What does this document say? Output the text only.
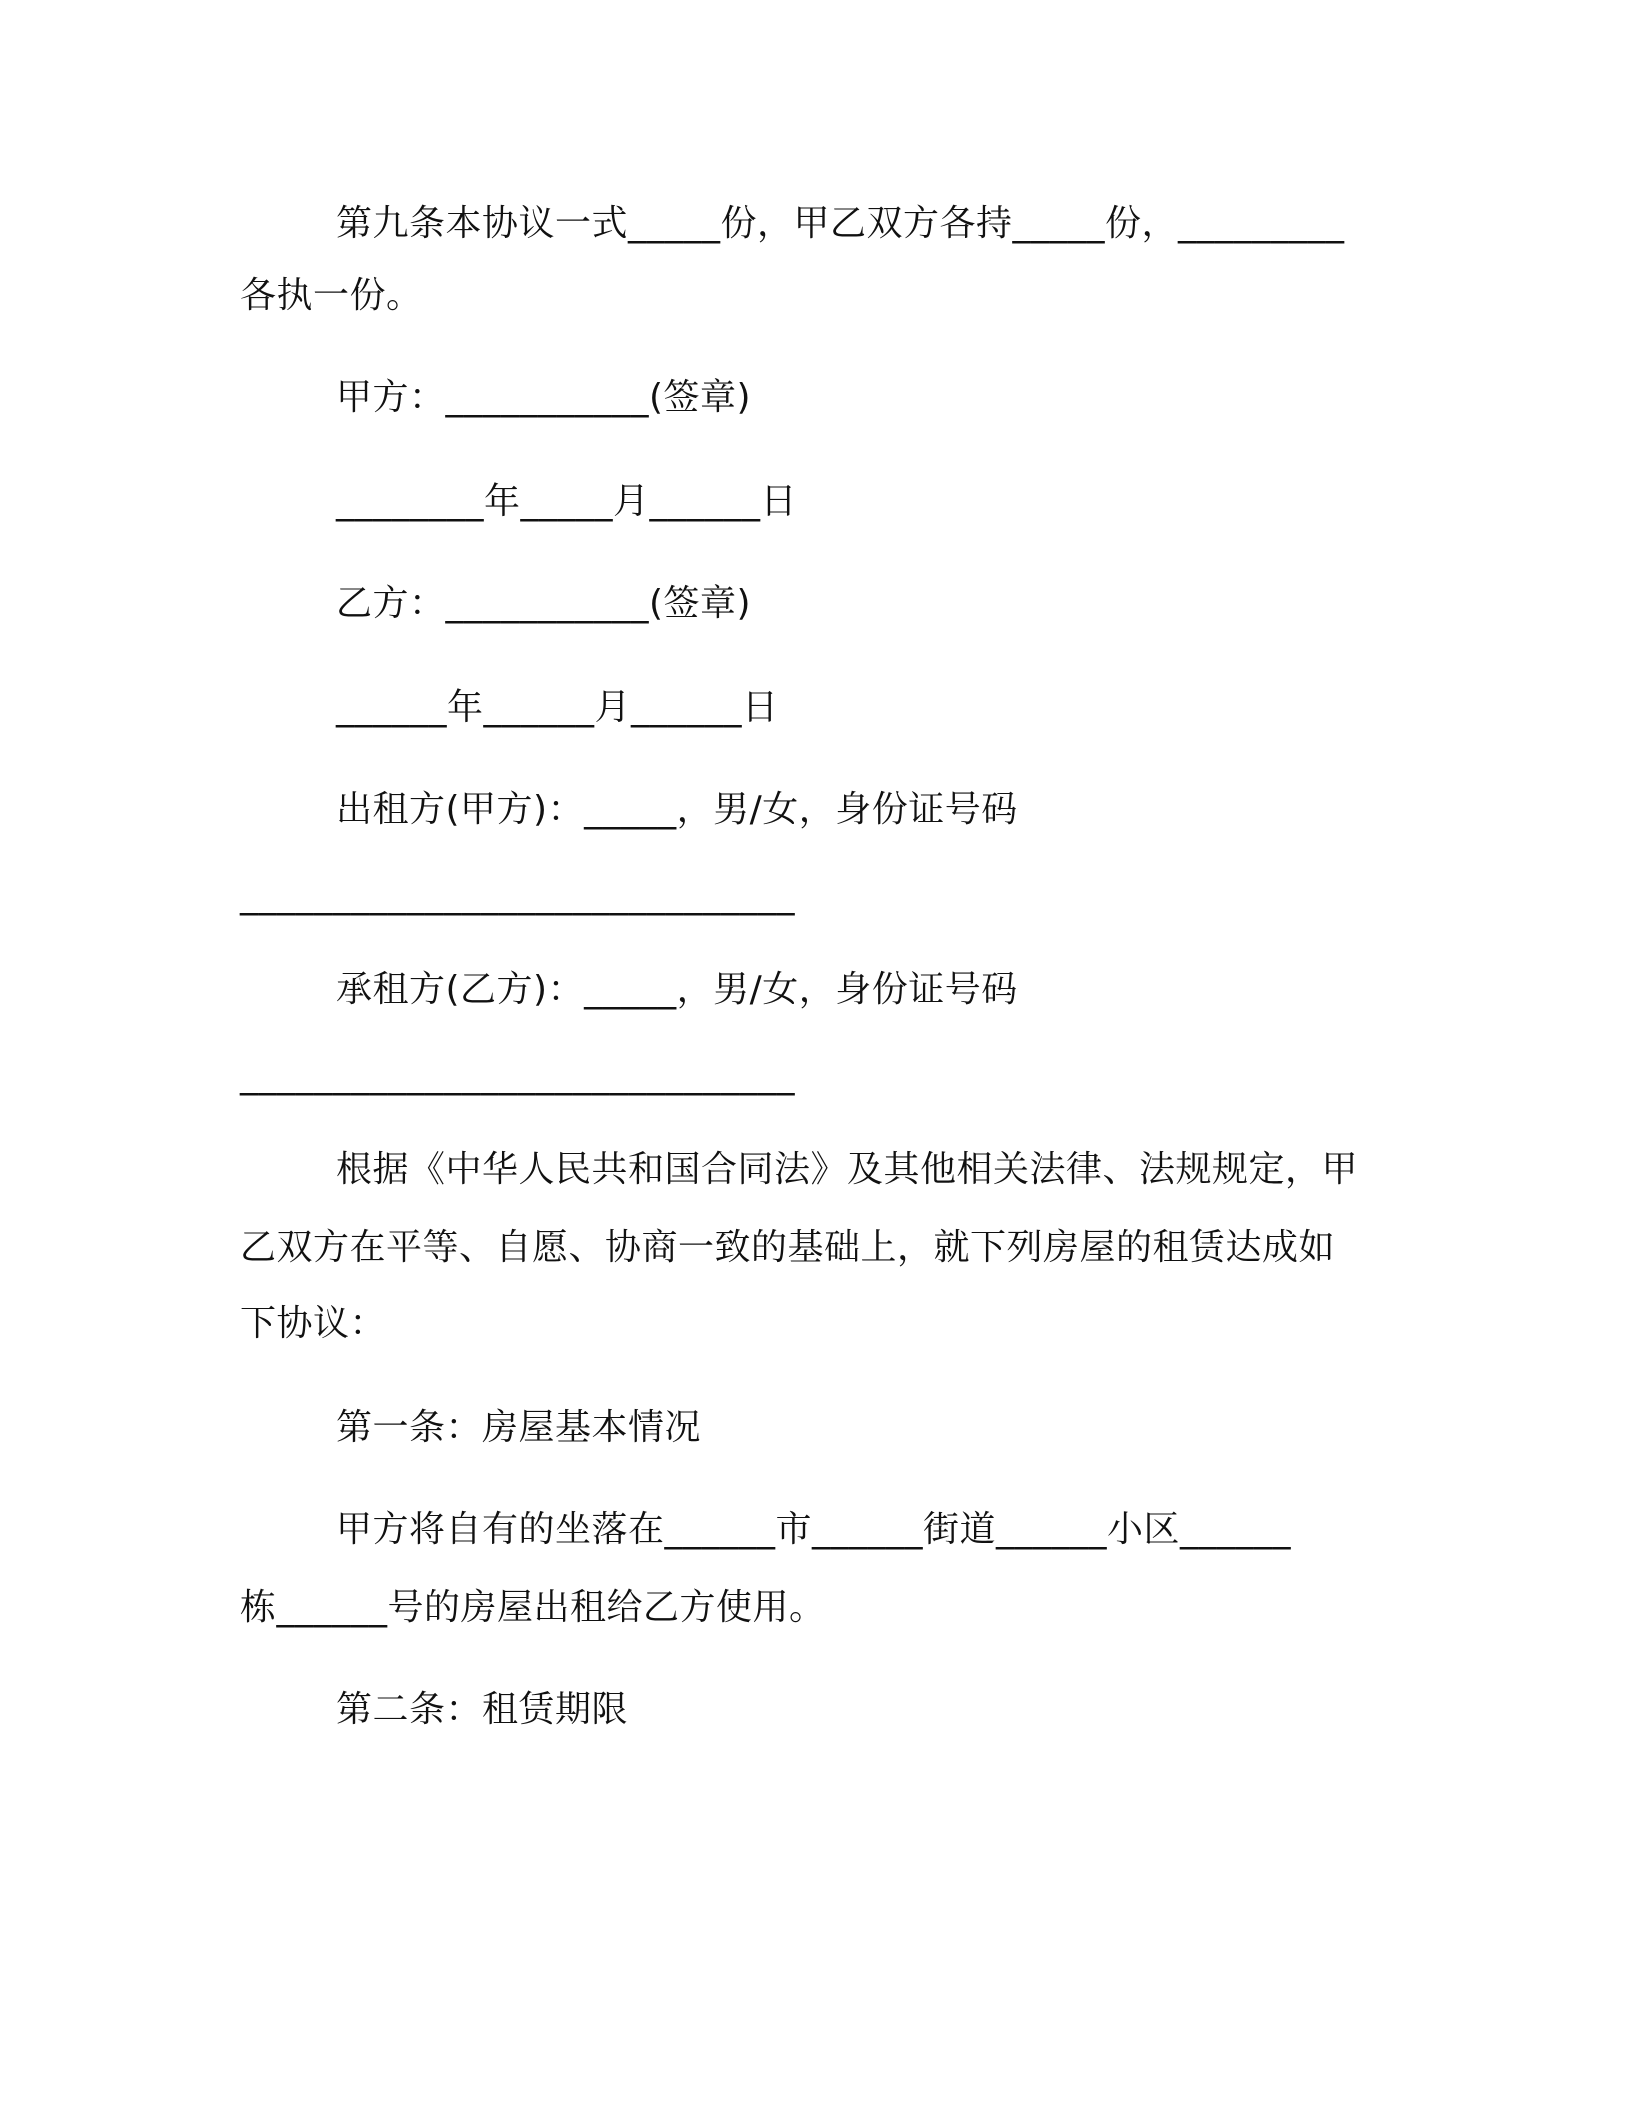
第九条本协议一式_____份，甲乙双方各持_____份，_________
各执一份。
甲方：___________(签章)
________年_____月______日
乙方：___________(签章)
______年______月______日
出租方(甲方)：_____，男/女，身份证号码
______________________________
承租方(乙方)：_____，男/女，身份证号码
______________________________
根据《中华人民共和国合同法》及其他相关法律、法规规定，甲
乙双方在平等、自愿、协商一致的基础上，就下列房屋的租赁达成如
下协议：
第一条：房屋基本情况
甲方将自有的坐落在______市______街道______小区______
栋______号的房屋出租给乙方使用。
第二条：租赁期限
